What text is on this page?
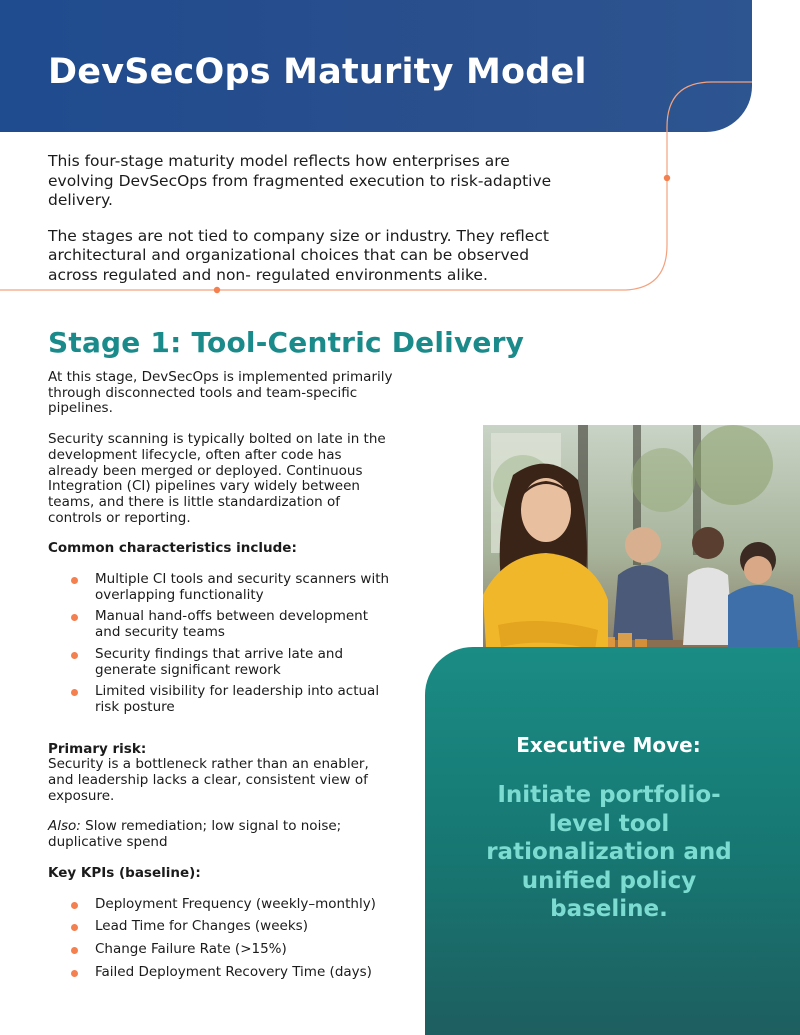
DevSecOps Maturity Model

This four-stage maturity model reflects how enterprises are evolving DevSecOps from fragmented execution to risk-adaptive delivery.

The stages are not tied to company size or industry. They reflect architectural and organizational choices that can be observed across regulated and non- regulated environments alike.

Stage 1: Tool-Centric Delivery

At this stage, DevSecOps is implemented primarily through disconnected tools and team-specific pipelines.

Security scanning is typically bolted on late in the development lifecycle, often after code has already been merged or deployed. Continuous Integration (CI) pipelines vary widely between teams, and there is little standardization of controls or reporting.

Common characteristics include:
Multiple CI tools and security scanners with overlapping functionality
Manual hand-offs between development and security teams
Security findings that arrive late and generate significant rework
Limited visibility for leadership into actual risk posture

Primary risk:
Security is a bottleneck rather than an enabler, and leadership lacks a clear, consistent view of exposure.

Also: Slow remediation; low signal to noise; duplicative spend

Key KPIs (baseline):
Deployment Frequency (weekly–monthly)
Lead Time for Changes (weeks)
Change Failure Rate (>15%)
Failed Deployment Recovery Time (days)
Executive Move:
Initiate portfolio-level tool rationalization and unified policy baseline.
